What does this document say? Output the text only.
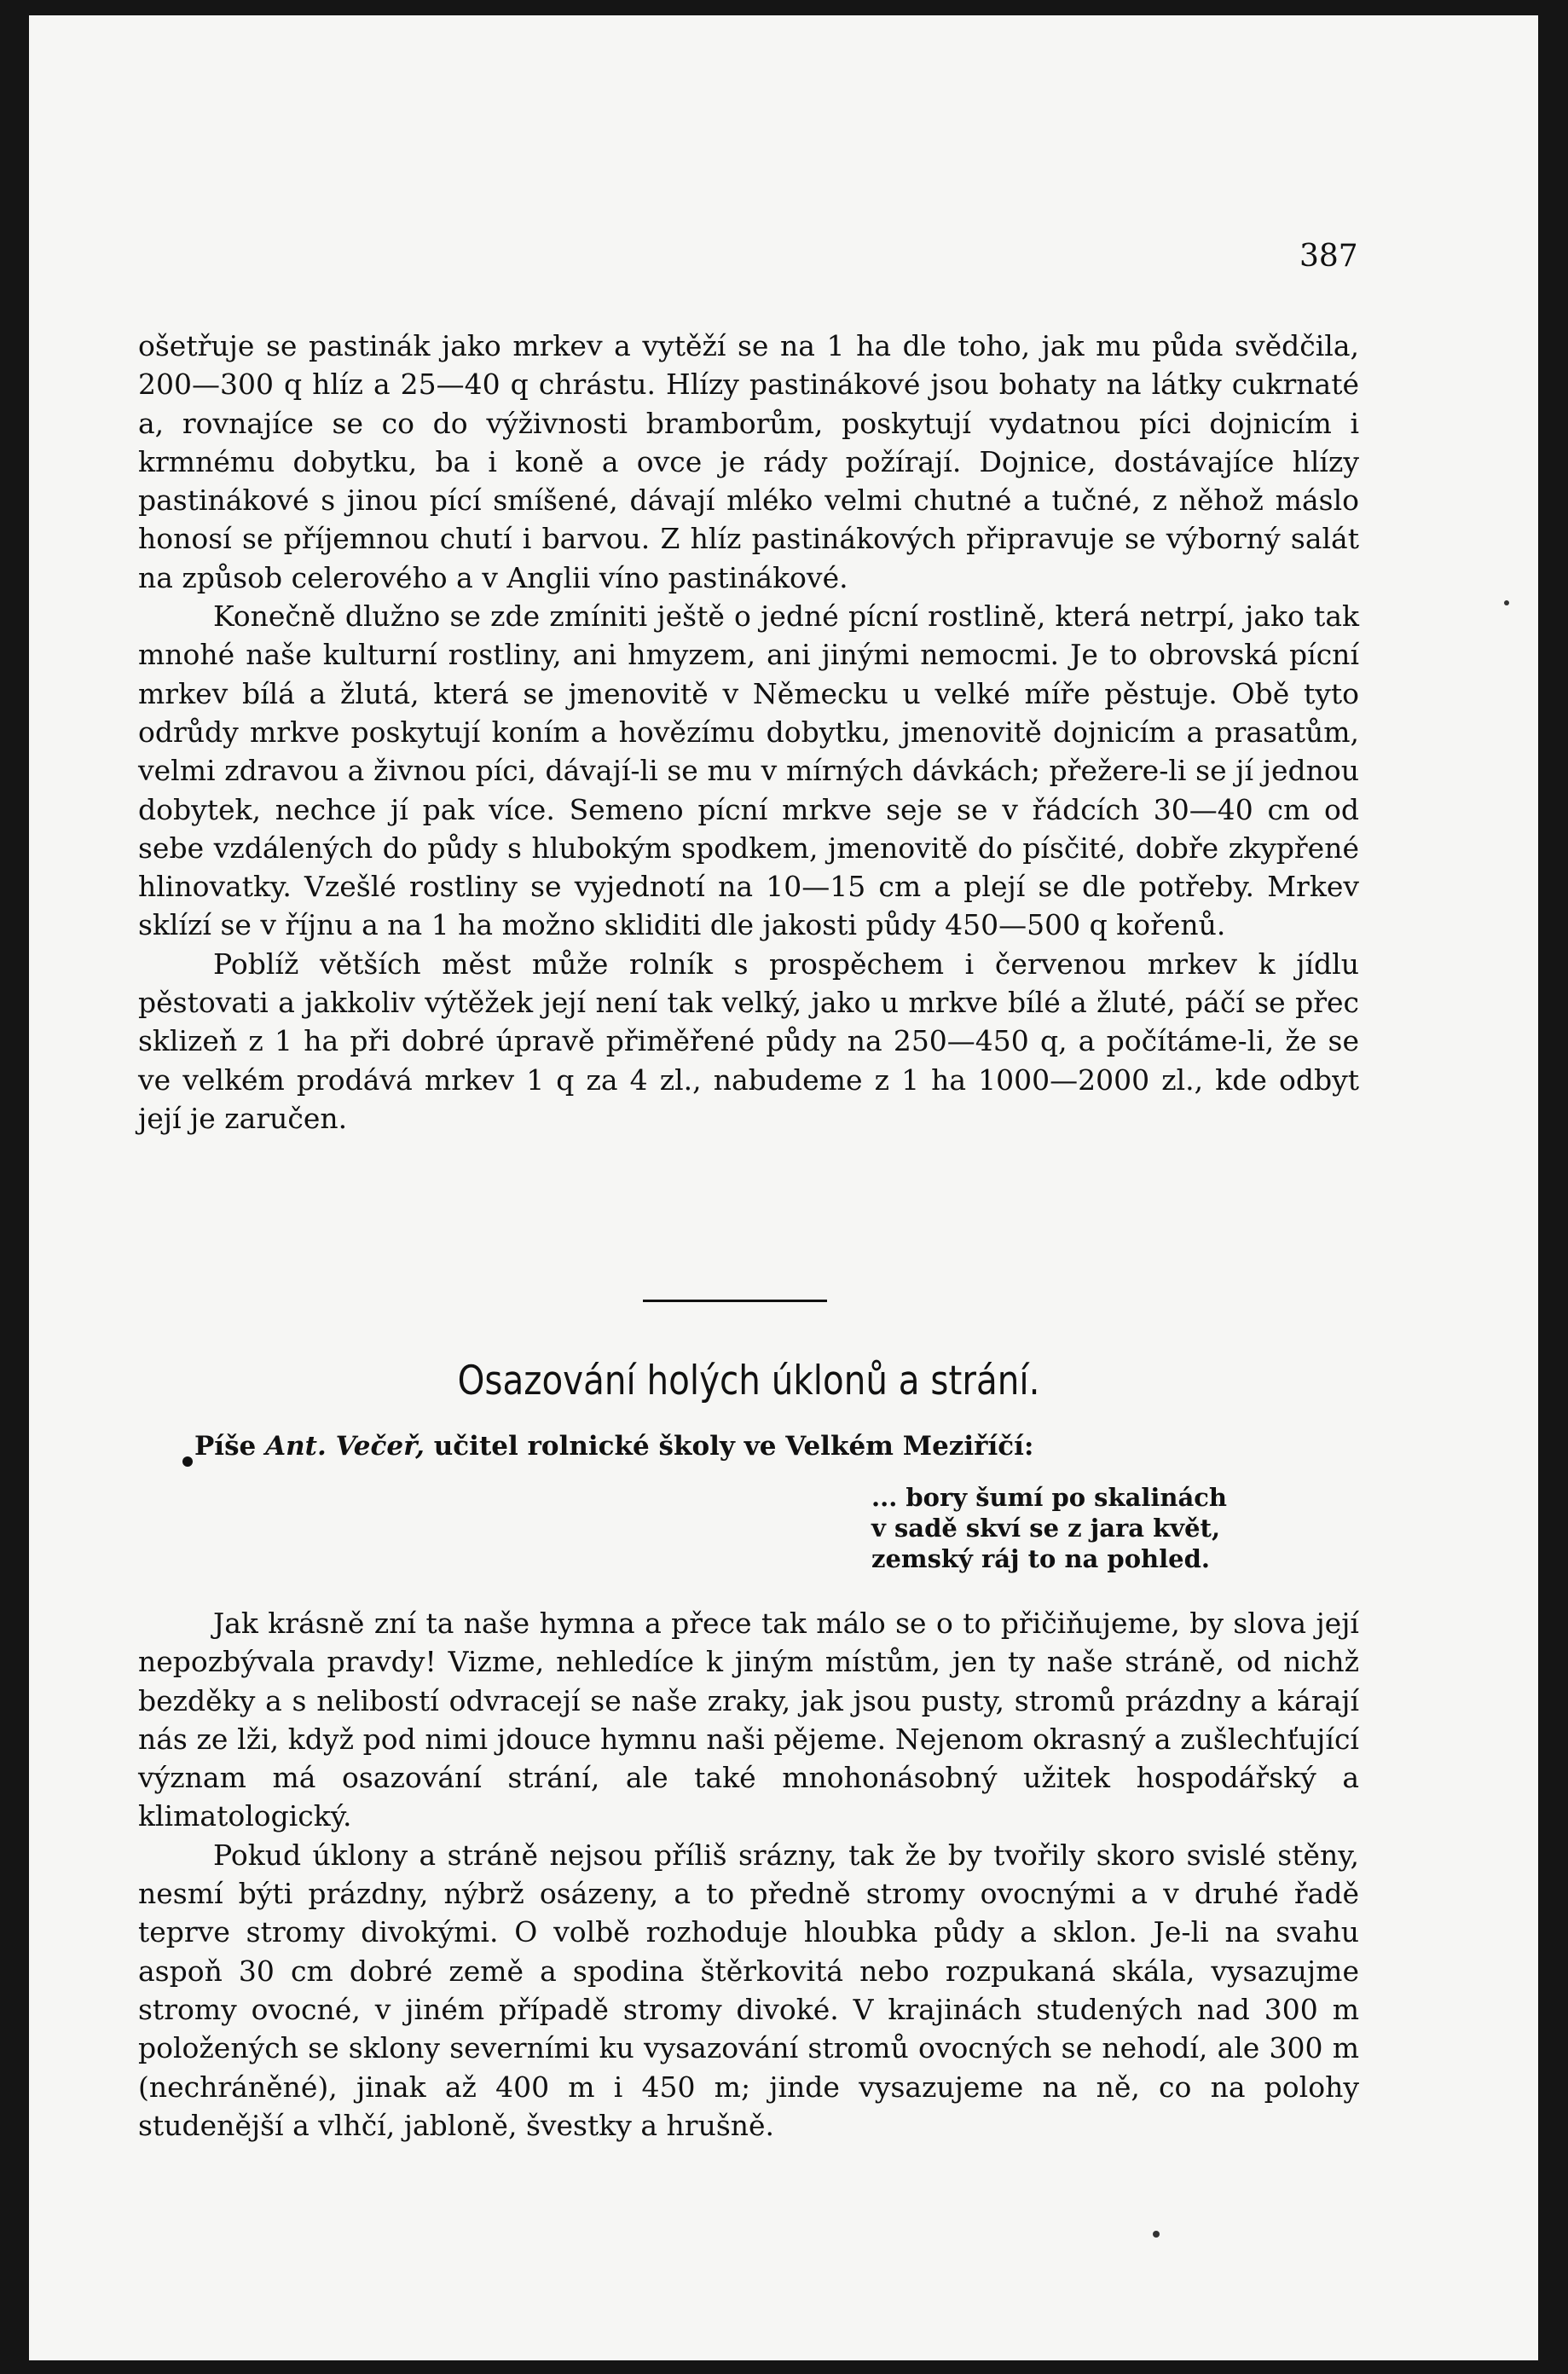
387

ošetřuje se pastinák jako mrkev a vytěží se na 1 ha dle toho, jak mu půda svědčila, 200—300 q hlíz a 25—40 q chrástu. Hlízy pastinákové jsou bohaty na látky cukrnaté a, rovnajíce se co do výživnosti bramborům, poskytují vydatnou píci dojnicím i krmnému dobytku, ba i koně a ovce je rády požírají. Dojnice, dostávajíce hlízy pastinákové s jinou pící smíšené, dávají mléko velmi chutné a tučné, z něhož máslo honosí se příjemnou chutí i barvou. Z hlíz pastinákových připravuje se výborný salát na způsob celerového a v Anglii víno pastinákové.

Konečně dlužno se zde zmíniti ještě o jedné pícní rostlině, která netrpí, jako tak mnohé naše kulturní rostliny, ani hmyzem, ani jinými nemocmi. Je to obrovská pícní mrkev bílá a žlutá, která se jmenovitě v Německu u velké míře pěstuje. Obě tyto odrůdy mrkve poskytují koním a hovězímu dobytku, jmenovitě dojnicím a prasatům, velmi zdravou a živnou píci, dávají-li se mu v mírných dávkách; přežere-li se jí jednou dobytek, nechce jí pak více. Semeno pícní mrkve seje se v řádcích 30—40 cm od sebe vzdálených do půdy s hlubokým spodkem, jmenovitě do písčité, dobře zkypřené hlinovatky. Vzešlé rostliny se vyjednotí na 10—15 cm a plejí se dle potřeby. Mrkev sklízí se v říjnu a na 1 ha možno skliditi dle jakosti půdy 450—500 q kořenů.

Poblíž větších měst může rolník s prospěchem i červenou mrkev k jídlu pěstovati a jakkoliv výtěžek její není tak velký, jako u mrkve bílé a žluté, páčí se přec sklizeň z 1 ha při dobré úpravě přiměřené půdy na 250—450 q, a počítáme-li, že se ve velkém prodává mrkev 1 q za 4 zl., nabudeme z 1 ha 1000—2000 zl., kde odbyt její je zaručen.

Osazování holých úklonů a strání.
Píše Ant. Večeř, učitel rolnické školy ve Velkém Meziříčí:
... bory šumí po skalinách
v sadě skví se z jara květ,
zemský ráj to na pohled.

Jak krásně zní ta naše hymna a přece tak málo se o to přičiňujeme, by slova její nepozbývala pravdy! Vizme, nehledíce k jiným místům, jen ty naše stráně, od nichž bezděky a s nelibostí odvracejí se naše zraky, jak jsou pusty, stromů prázdny a kárají nás ze lži, když pod nimi jdouce hymnu naši pějeme. Nejenom okrasný a zušlechťující význam má osazování strání, ale také mnohonásobný užitek hospodářský a klimatologický.

Pokud úklony a stráně nejsou příliš srázny, tak že by tvořily skoro svislé stěny, nesmí býti prázdny, nýbrž osázeny, a to předně stromy ovocnými a v druhé řadě teprve stromy divokými. O volbě rozhoduje hloubka půdy a sklon. Je-li na svahu aspoň 30 cm dobré země a spodina štěrkovitá nebo rozpukaná skála, vysazujme stromy ovocné, v jiném případě stromy divoké. V krajinách studených nad 300 m položených se sklony severními ku vysazování stromů ovocných se nehodí, ale 300 m (nechráněné), jinak až 400 m i 450 m; jinde vysazujeme na ně, co na polohy studenější a vlhčí, jabloně, švestky a hrušně.
